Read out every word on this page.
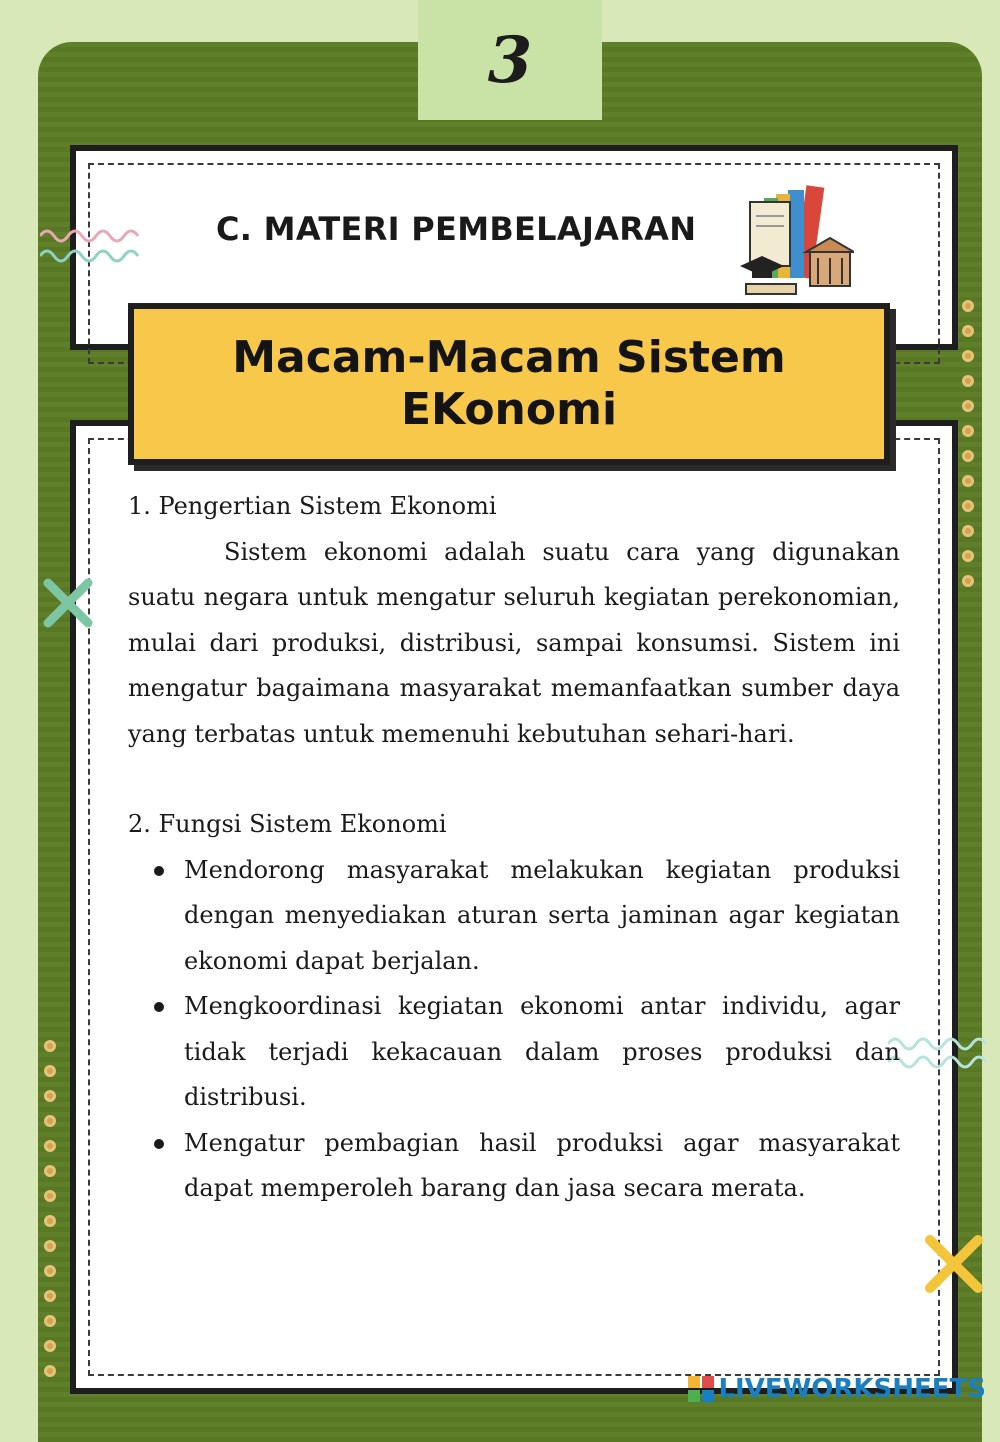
3
C. MATERI PEMBELAJARAN
Macam-Macam Sistem EKonomi

1. Pengertian Sistem Ekonomi

Sistem ekonomi adalah suatu cara yang digunakan suatu negara untuk mengatur seluruh kegiatan perekonomian, mulai dari produksi, distribusi, sampai konsumsi. Sistem ini mengatur bagaimana masyarakat memanfaatkan sumber daya yang terbatas untuk memenuhi kebutuhan sehari-hari.

2. Fungsi Sistem Ekonomi

Mendorong masyarakat melakukan kegiatan produksi dengan menyediakan aturan serta jaminan agar kegiatan ekonomi dapat berjalan.
Mengkoordinasi kegiatan ekonomi antar individu, agar tidak terjadi kekacauan dalam proses produksi dan distribusi.
Mengatur pembagian hasil produksi agar masyarakat dapat memperoleh barang dan jasa secara merata.
LIVEWORKSHEETS
